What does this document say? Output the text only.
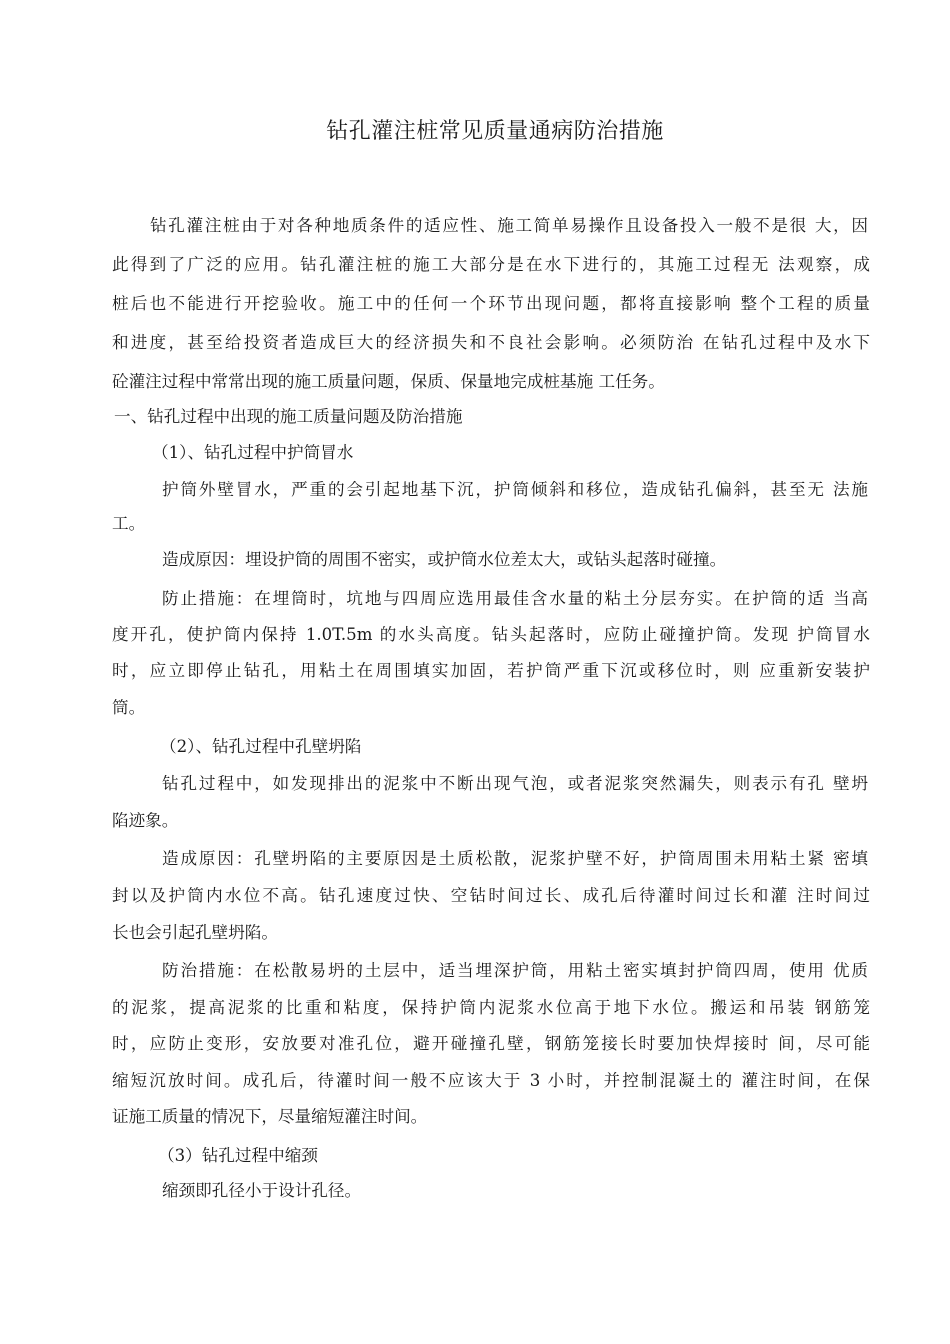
钻孔灌注桩常见质量通病防治措施
钻孔灌注桩由于对各种地质条件的适应性、施工简单易操作且设备投入一般不是很 大，因
此得到了广泛的应用。钻孔灌注桩的施工大部分是在水下进行的，其施工过程无 法观察，成
桩后也不能进行开挖验收。施工中的任何一个环节出现问题，都将直接影响 整个工程的质量
和进度，甚至给投资者造成巨大的经济损失和不良社会影响。必须防治 在钻孔过程中及水下
砼灌注过程中常常出现的施工质量问题，保质、保量地完成桩基施 工任务。
一、钻孔过程中出现的施工质量问题及防治措施
（1）、钻孔过程中护筒冒水
护筒外壁冒水，严重的会引起地基下沉，护筒倾斜和移位，造成钻孔偏斜，甚至无 法施
工。
造成原因：埋设护筒的周围不密实，或护筒水位差太大，或钻头起落时碰撞。
防止措施：在埋筒时，坑地与四周应选用最佳含水量的粘土分层夯实。在护筒的适 当高
度开孔，使护筒内保持 1.0T.5m 的水头高度。钻头起落时，应防止碰撞护筒。发现 护筒冒水
时，应立即停止钻孔，用粘土在周围填实加固，若护筒严重下沉或移位时，则 应重新安装护
筒。
（2）、钻孔过程中孔壁坍陷
钻孔过程中，如发现排出的泥浆中不断出现气泡，或者泥浆突然漏失，则表示有孔 壁坍
陷迹象。
造成原因：孔壁坍陷的主要原因是土质松散，泥浆护壁不好，护筒周围未用粘土紧 密填
封以及护筒内水位不高。钻孔速度过快、空钻时间过长、成孔后待灌时间过长和灌 注时间过
长也会引起孔壁坍陷。
防治措施：在松散易坍的土层中，适当埋深护筒，用粘土密实填封护筒四周，使用 优质
的泥浆，提高泥浆的比重和粘度，保持护筒内泥浆水位高于地下水位。搬运和吊装 钢筋笼
时，应防止变形，安放要对准孔位，避开碰撞孔壁，钢筋笼接长时要加快焊接时 间，尽可能
缩短沉放时间。成孔后，待灌时间一般不应该大于 3 小时，并控制混凝土的 灌注时间，在保
证施工质量的情况下，尽量缩短灌注时间。
（3）钻孔过程中缩颈
缩颈即孔径小于设计孔径。
